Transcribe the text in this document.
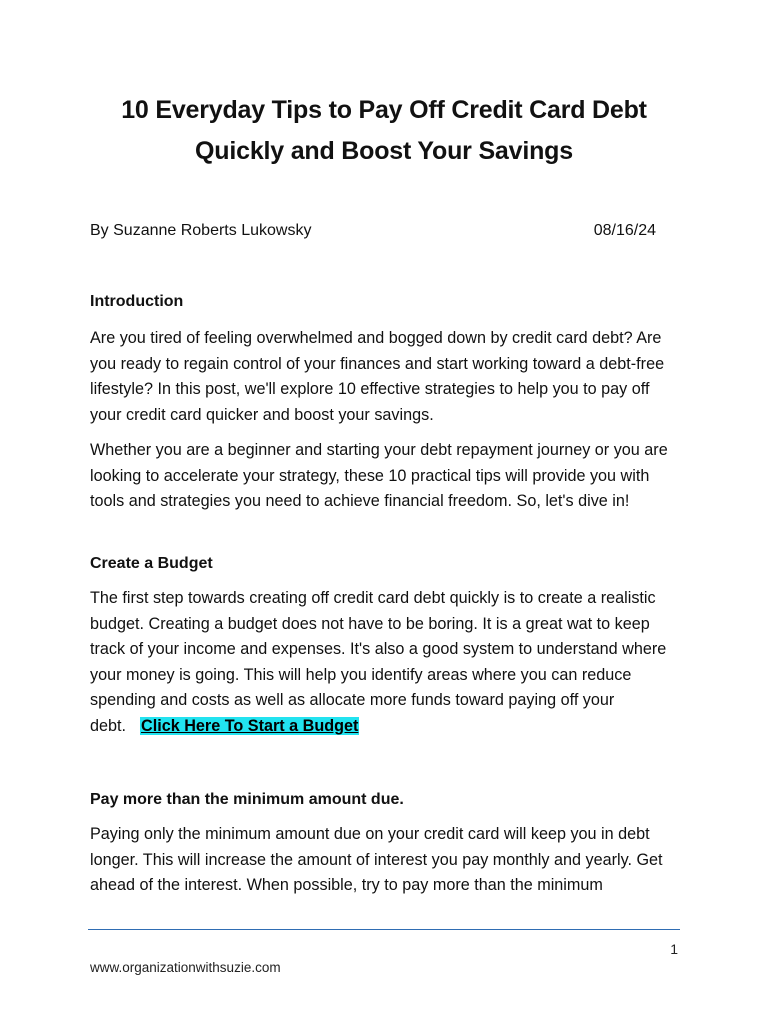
10 Everyday Tips to Pay Off Credit Card Debt
Quickly and Boost Your Savings
By Suzanne Roberts Lukowsky	08/16/24
Introduction

Are you tired of feeling overwhelmed and bogged down by credit card debt? Are you ready to regain control of your finances and start working toward a debt-free lifestyle? In this post, we'll explore 10 effective strategies to help you to pay off your credit card quicker and boost your savings.

Whether you are a beginner and starting your debt repayment journey or you are looking to accelerate your strategy, these 10 practical tips will provide you with tools and strategies you need to achieve financial freedom. So, let's dive in!

Create a Budget

The first step towards creating off credit card debt quickly is to create a realistic budget. Creating a budget does not have to be boring. It is a great wat to keep track of your income and expenses. It's also a good system to understand where your money is going. This will help you identify areas where you can reduce spending and costs as well as allocate more funds toward paying off your debt. Click Here To Start a Budget

Pay more than the minimum amount due.

Paying only the minimum amount due on your credit card will keep you in debt longer. This will increase the amount of interest you pay monthly and yearly. Get ahead of the interest. When possible, try to pay more than the minimum

1
www.organizationwithsuzie.com
